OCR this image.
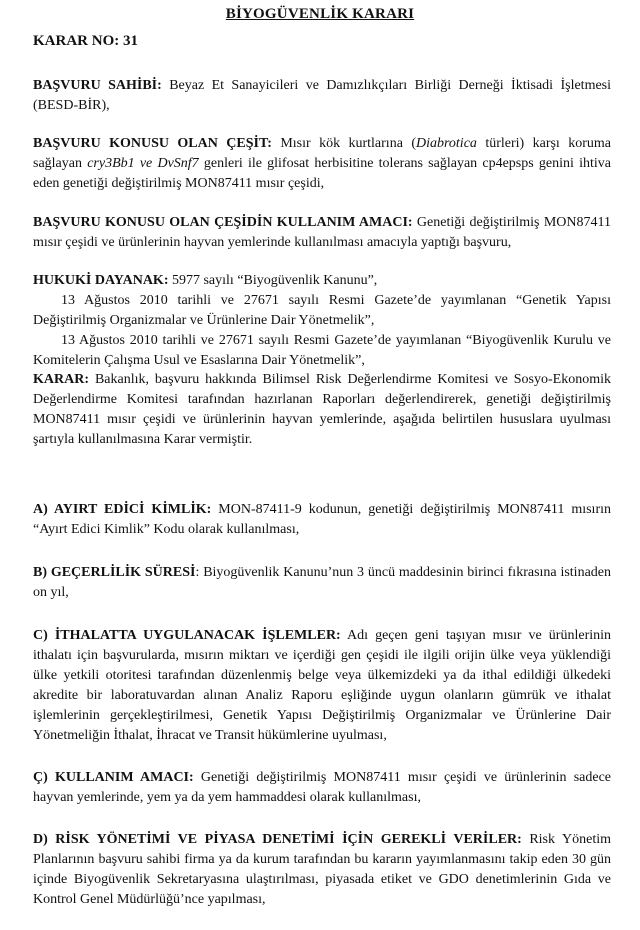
BİYOGÜVENLİK KARARI
KARAR NO: 31

BAŞVURU SAHİBİ: Beyaz Et Sanayicileri ve Damızlıkçıları Birliği Derneği İktisadi İşletmesi (BESD-BİR),

BAŞVURU KONUSU OLAN ÇEŞİT: Mısır kök kurtlarına (Diabrotica türleri) karşı koruma sağlayan cry3Bb1 ve DvSnf7 genleri ile glifosat herbisitine tolerans sağlayan cp4epsps genini ihtiva eden genetiği değiştirilmiş MON87411 mısır çeşidi,

BAŞVURU KONUSU OLAN ÇEŞİDİN KULLANIM AMACI: Genetiği değiştirilmiş MON87411 mısır çeşidi ve ürünlerinin hayvan yemlerinde kullanılması amacıyla yaptığı başvuru,

HUKUKİ DAYANAK: 5977 sayılı “Biyogüvenlik Kanunu”,

13 Ağustos 2010 tarihli ve 27671 sayılı Resmi Gazete’de yayımlanan “Genetik Yapısı Değiştirilmiş Organizmalar ve Ürünlerine Dair Yönetmelik”,

13 Ağustos 2010 tarihli ve 27671 sayılı Resmi Gazete’de yayımlanan “Biyogüvenlik Kurulu ve Komitelerin Çalışma Usul ve Esaslarına Dair Yönetmelik”,

KARAR: Bakanlık, başvuru hakkında Bilimsel Risk Değerlendirme Komitesi ve Sosyo-Ekonomik Değerlendirme Komitesi tarafından hazırlanan Raporları değerlendirerek, genetiği değiştirilmiş MON87411 mısır çeşidi ve ürünlerinin hayvan yemlerinde, aşağıda belirtilen hususlara uyulması şartıyla kullanılmasına Karar vermiştir.

A) AYIRT EDİCİ KİMLİK: MON-87411-9 kodunun, genetiği değiştirilmiş MON87411 mısırın “Ayırt Edici Kimlik” Kodu olarak kullanılması,

B) GEÇERLİLİK SÜRESİ: Biyogüvenlik Kanunu’nun 3 üncü maddesinin birinci fıkrasına istinaden on yıl,

C) İTHALATTA UYGULANACAK İŞLEMLER: Adı geçen geni taşıyan mısır ve ürünlerinin ithalatı için başvurularda, mısırın miktarı ve içerdiği gen çeşidi ile ilgili orijin ülke veya yüklendiği ülke yetkili otoritesi tarafından düzenlenmiş belge veya ülkemizdeki ya da ithal edildiği ülkedeki akredite bir laboratuvardan alınan Analiz Raporu eşliğinde uygun olanların gümrük ve ithalat işlemlerinin gerçekleştirilmesi, Genetik Yapısı Değiştirilmiş Organizmalar ve Ürünlerine Dair Yönetmeliğin İthalat, İhracat ve Transit hükümlerine uyulması,

Ç) KULLANIM AMACI: Genetiği değiştirilmiş MON87411 mısır çeşidi ve ürünlerinin sadece hayvan yemlerinde, yem ya da yem hammaddesi olarak kullanılması,

D) RİSK YÖNETİMİ VE PİYASA DENETİMİ İÇİN GEREKLİ VERİLER: Risk Yönetim Planlarının başvuru sahibi firma ya da kurum tarafından bu kararın yayımlanmasını takip eden 30 gün içinde Biyogüvenlik Sekretaryasına ulaştırılması, piyasada etiket ve GDO denetimlerinin Gıda ve Kontrol Genel Müdürlüğü’nce yapılması,
